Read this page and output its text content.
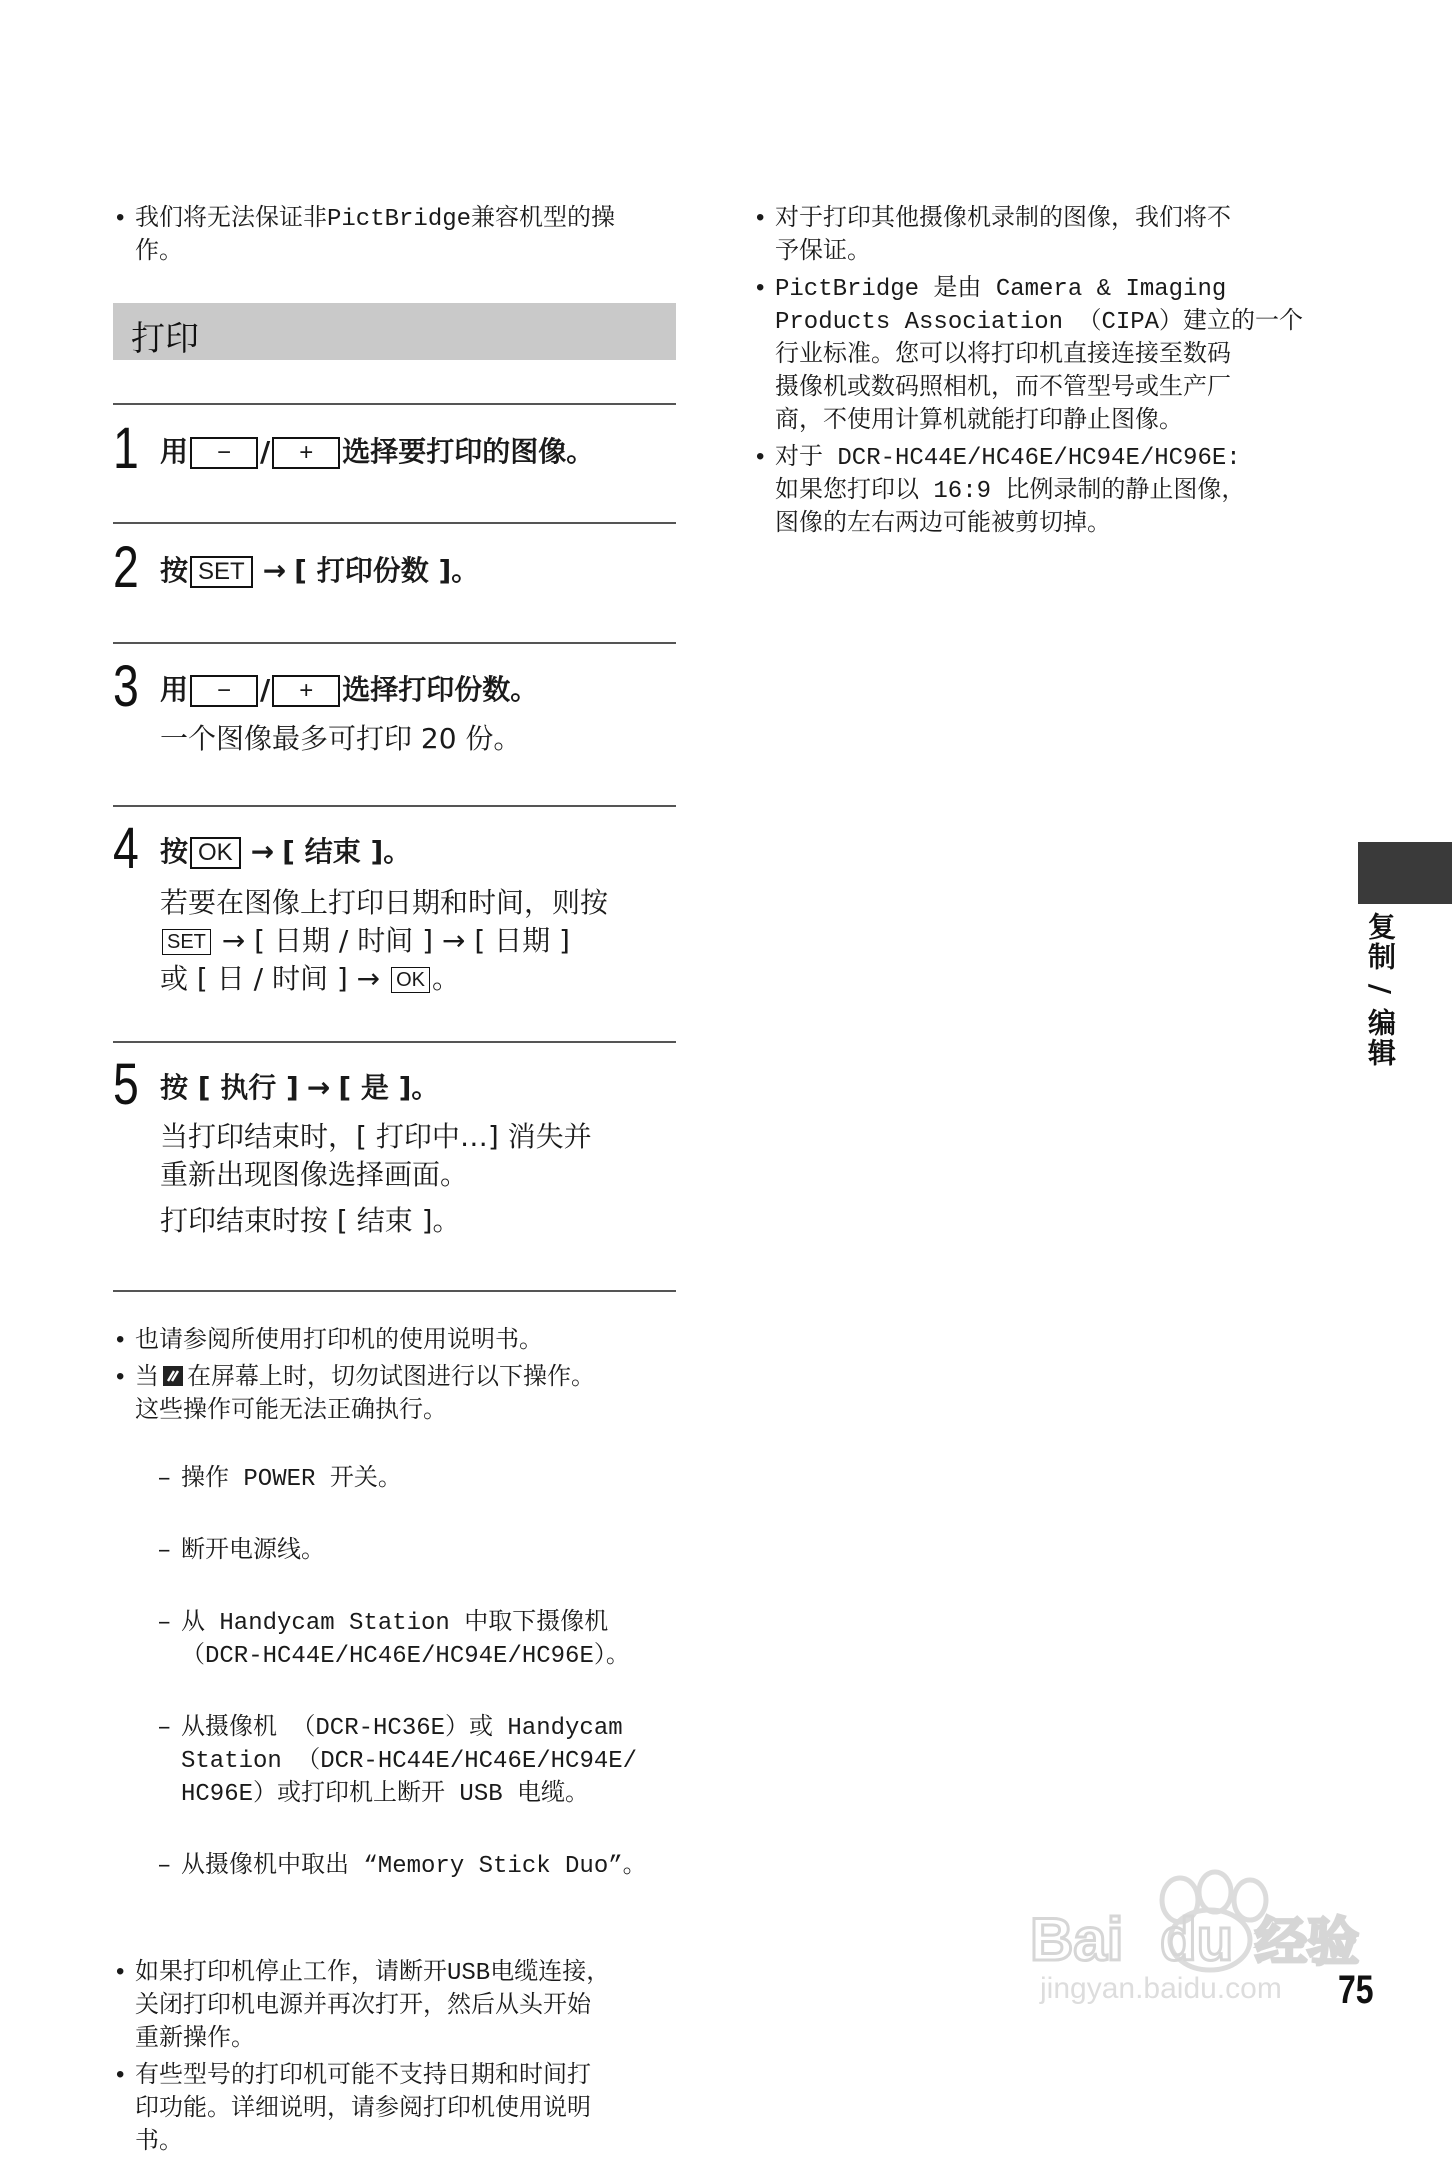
• 我们将无法保证非PictBridge兼容机型的操
作。
打印
1 用 − / + 选择要打印的图像。
2 按 SET → [ 打印份数 ]。
3 用 − / + 选择打印份数。
一个图像最多可打印 20 份。
4 按 OK → [ 结束 ]。
若要在图像上打印日期和时间，则按
SET → [ 日期 / 时间 ] → [ 日期 ]
或 [ 日 / 时间 ] → OK 。
5 按 [ 执行 ] → [ 是 ]。
当打印结束时，[ 打印中…] 消失并
重新出现图像选择画面。
打印结束时按 [ 结束 ]。
• 也请参阅所使用打印机的使用说明书。
• 当 在屏幕上时，切勿试图进行以下操作。
这些操作可能无法正确执行。

– 操作 POWER 开关。

– 断开电源线。

– 从 Handycam Station 中取下摄像机
（DCR-HC44E/HC46E/HC94E/HC96E）。

– 从摄像机 （DCR-HC36E）或 Handycam
Station （DCR-HC44E/HC46E/HC94E/
HC96E）或打印机上断开 USB 电缆。

– 从摄像机中取出 “Memory Stick Duo”。

• 如果打印机停止工作，请断开USB电缆连接，
关闭打印机电源并再次打开，然后从头开始
重新操作。
• 有些型号的打印机可能不支持日期和时间打
印功能。详细说明，请参阅打印机使用说明
书。
• 对于打印其他摄像机录制的图像，我们将不
予保证。
• PictBridge 是由 Camera & Imaging
Products Association （CIPA）建立的一个
行业标准。您可以将打印机直接连接至数码
摄像机或数码照相机，而不管型号或生产厂
商，不使用计算机就能打印静止图像。
• 对于 DCR-HC44E/HC46E/HC94E/HC96E:
如果您打印以 16:9 比例录制的静止图像，
图像的左右两边可能被剪切掉。
复制 / 编辑
Bai du 经验
jingyan.baidu.com 75
